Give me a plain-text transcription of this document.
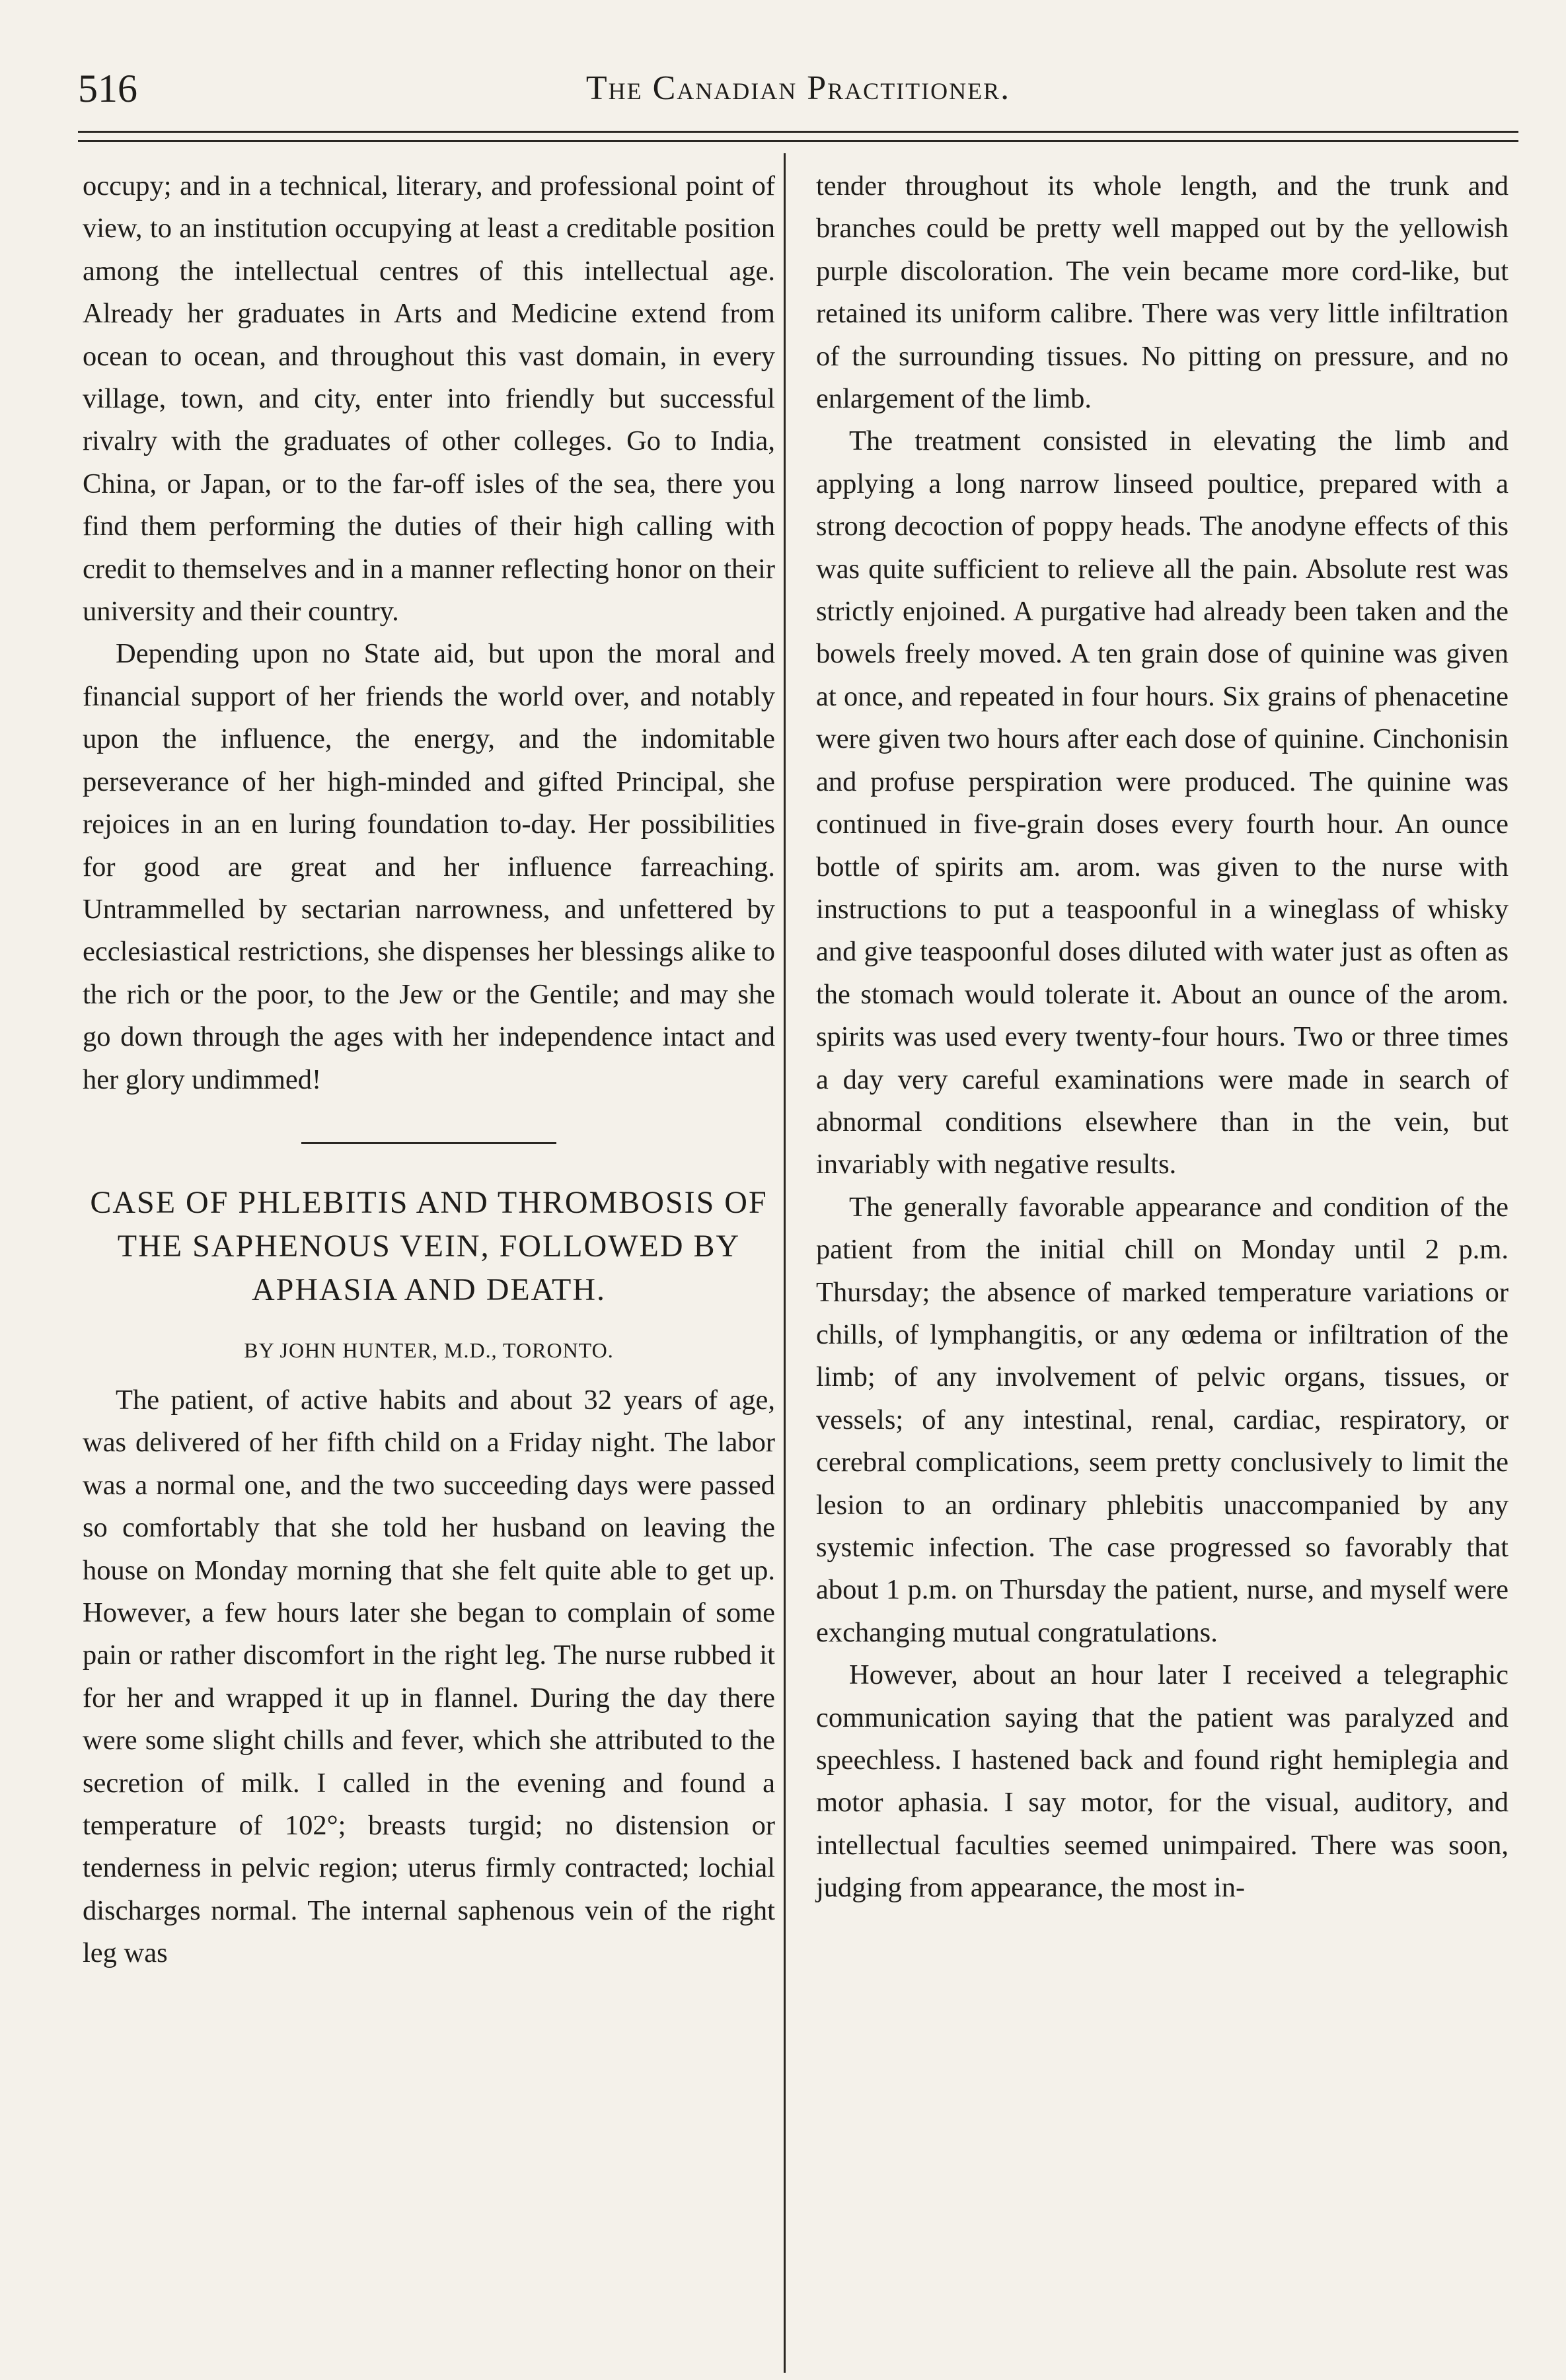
516	The Canadian Practitioner.

occupy; and in a technical, literary, and professional point of view, to an institution occupying at least a creditable position among the intellectual centres of this intellectual age. Already her graduates in Arts and Medicine extend from ocean to ocean, and throughout this vast domain, in every village, town, and city, enter into friendly but successful rivalry with the graduates of other colleges. Go to India, China, or Japan, or to the far-off isles of the sea, there you find them performing the duties of their high calling with credit to themselves and in a manner reflecting honor on their university and their country.

Depending upon no State aid, but upon the moral and financial support of her friends the world over, and notably upon the influence, the energy, and the indomitable perseverance of her high-minded and gifted Principal, she rejoices in an en luring foundation to-day. Her possibilities for good are great and her influence farreaching. Untrammelled by sectarian narrowness, and unfettered by ecclesiastical restrictions, she dispenses her blessings alike to the rich or the poor, to the Jew or the Gentile; and may she go down through the ages with her independence intact and her glory undimmed!

CASE OF PHLEBITIS AND THROMBOSIS OF THE SAPHENOUS VEIN, FOLLOWED BY APHASIA AND DEATH.
BY JOHN HUNTER, M.D., TORONTO.

The patient, of active habits and about 32 years of age, was delivered of her fifth child on a Friday night. The labor was a normal one, and the two succeeding days were passed so comfortably that she told her husband on leaving the house on Monday morning that she felt quite able to get up. However, a few hours later she began to complain of some pain or rather discomfort in the right leg. The nurse rubbed it for her and wrapped it up in flannel. During the day there were some slight chills and fever, which she attributed to the secretion of milk. I called in the evening and found a temperature of 102°; breasts turgid; no distension or tenderness in pelvic region; uterus firmly contracted; lochial discharges normal. The internal saphenous vein of the right leg was

tender throughout its whole length, and the trunk and branches could be pretty well mapped out by the yellowish purple discoloration. The vein became more cord-like, but retained its uniform calibre. There was very little infiltration of the surrounding tissues. No pitting on pressure, and no enlargement of the limb.

The treatment consisted in elevating the limb and applying a long narrow linseed poultice, prepared with a strong decoction of poppy heads. The anodyne effects of this was quite sufficient to relieve all the pain. Absolute rest was strictly enjoined. A purgative had already been taken and the bowels freely moved. A ten grain dose of quinine was given at once, and repeated in four hours. Six grains of phenacetine were given two hours after each dose of quinine. Cinchonisin and profuse perspiration were produced. The quinine was continued in five-grain doses every fourth hour. An ounce bottle of spirits am. arom. was given to the nurse with instructions to put a teaspoonful in a wineglass of whisky and give teaspoonful doses diluted with water just as often as the stomach would tolerate it. About an ounce of the arom. spirits was used every twenty-four hours. Two or three times a day very careful examinations were made in search of abnormal conditions elsewhere than in the vein, but invariably with negative results.

The generally favorable appearance and condition of the patient from the initial chill on Monday until 2 p.m. Thursday; the absence of marked temperature variations or chills, of lymphangitis, or any œdema or infiltration of the limb; of any involvement of pelvic organs, tissues, or vessels; of any intestinal, renal, cardiac, respiratory, or cerebral complications, seem pretty conclusively to limit the lesion to an ordinary phlebitis unaccompanied by any systemic infection. The case progressed so favorably that about 1 p.m. on Thursday the patient, nurse, and myself were exchanging mutual congratulations.

However, about an hour later I received a telegraphic communication saying that the patient was paralyzed and speechless. I hastened back and found right hemiplegia and motor aphasia. I say motor, for the visual, auditory, and intellectual faculties seemed unimpaired. There was soon, judging from appearance, the most in-
